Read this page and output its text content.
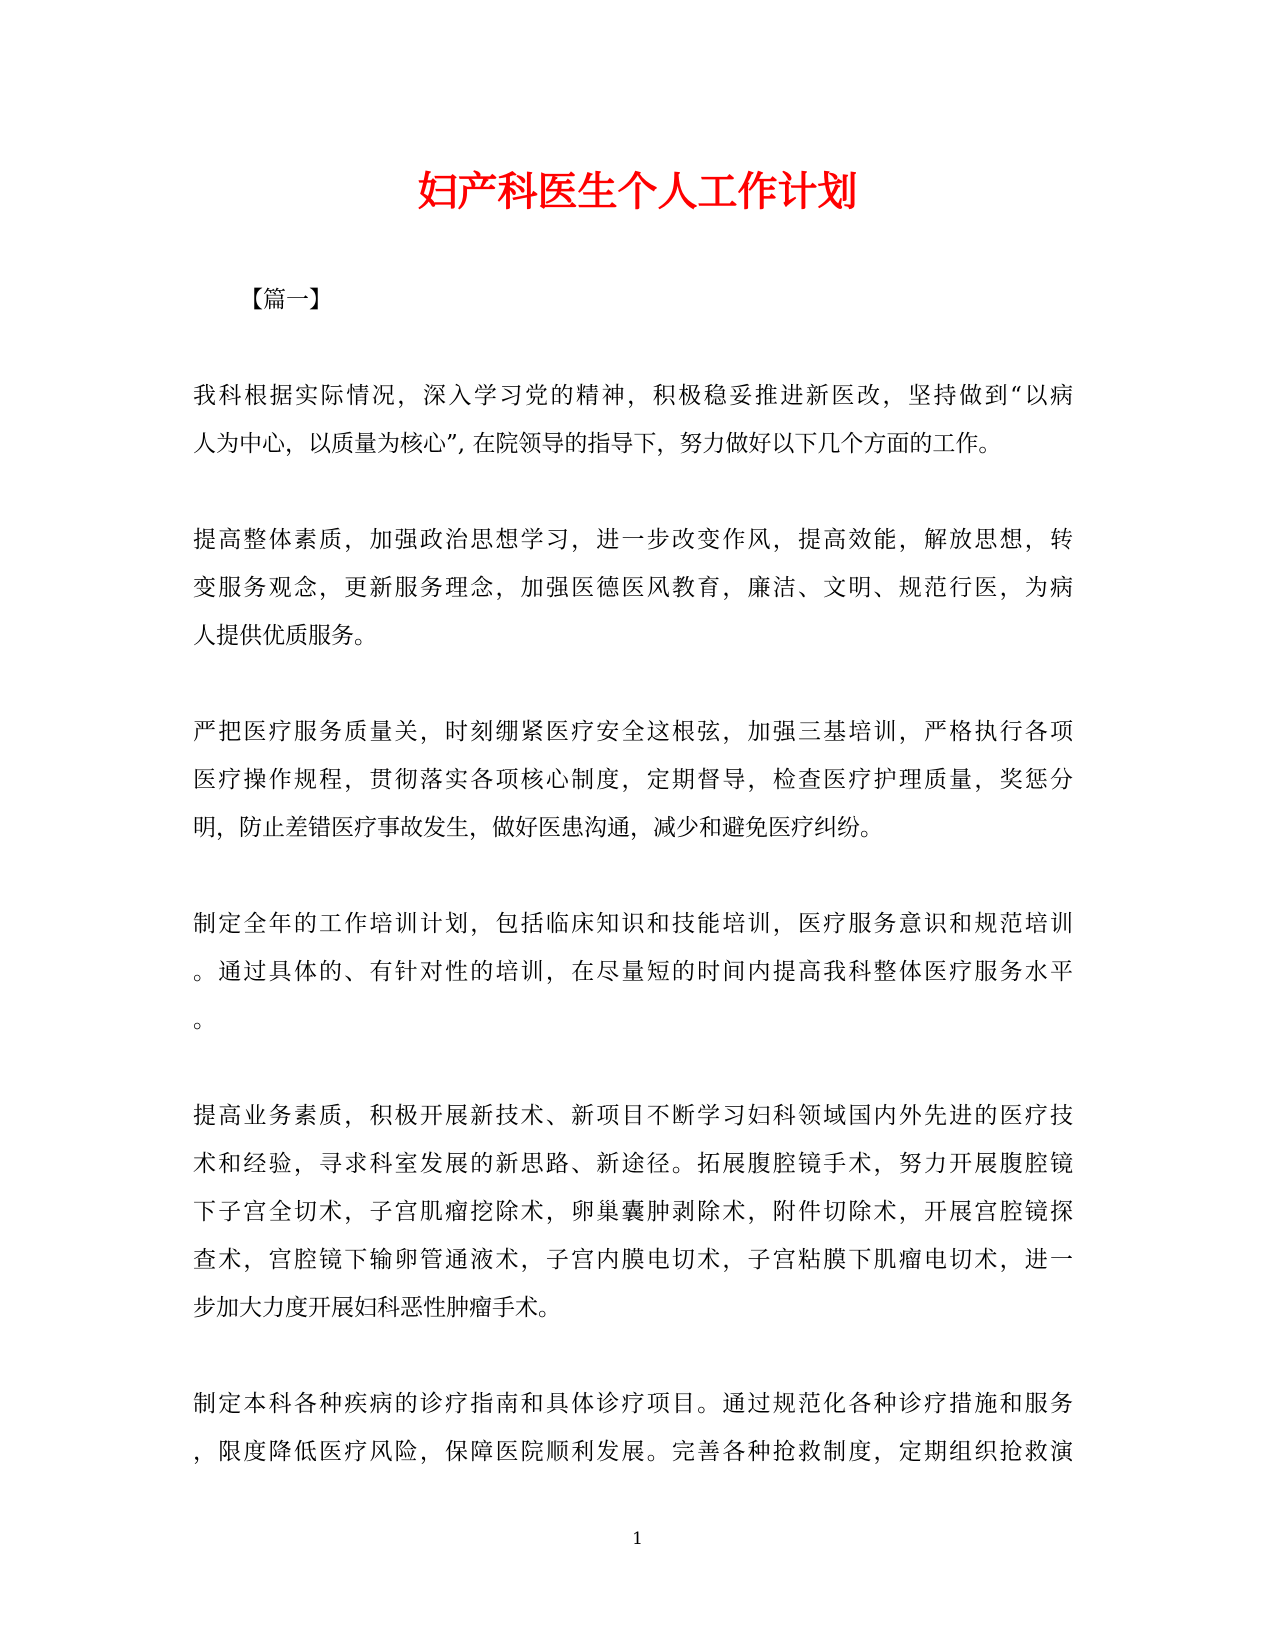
妇产科医生个人工作计划
【篇一】
我科根据实际情况，深入学习党的精神，积极稳妥推进新医改，坚持做到“以病
人为中心，以质量为核心”, 在院领导的指导下，努力做好以下几个方面的工作。
提高整体素质，加强政治思想学习，进一步改变作风，提高效能，解放思想，转
变服务观念，更新服务理念，加强医德医风教育，廉洁、文明、规范行医，为病
人提供优质服务。
严把医疗服务质量关，时刻绷紧医疗安全这根弦，加强三基培训，严格执行各项
医疗操作规程，贯彻落实各项核心制度，定期督导，检查医疗护理质量，奖惩分
明，防止差错医疗事故发生，做好医患沟通，减少和避免医疗纠纷。
制定全年的工作培训计划，包括临床知识和技能培训，医疗服务意识和规范培训
。通过具体的、有针对性的培训，在尽量短的时间内提高我科整体医疗服务水平
。
提高业务素质，积极开展新技术、新项目不断学习妇科领域国内外先进的医疗技
术和经验，寻求科室发展的新思路、新途径。拓展腹腔镜手术，努力开展腹腔镜
下子宫全切术，子宫肌瘤挖除术，卵巢囊肿剥除术，附件切除术，开展宫腔镜探
查术，宫腔镜下输卵管通液术，子宫内膜电切术，子宫粘膜下肌瘤电切术，进一
步加大力度开展妇科恶性肿瘤手术。
制定本科各种疾病的诊疗指南和具体诊疗项目。通过规范化各种诊疗措施和服务
，限度降低医疗风险，保障医院顺利发展。完善各种抢救制度，定期组织抢救演
1
